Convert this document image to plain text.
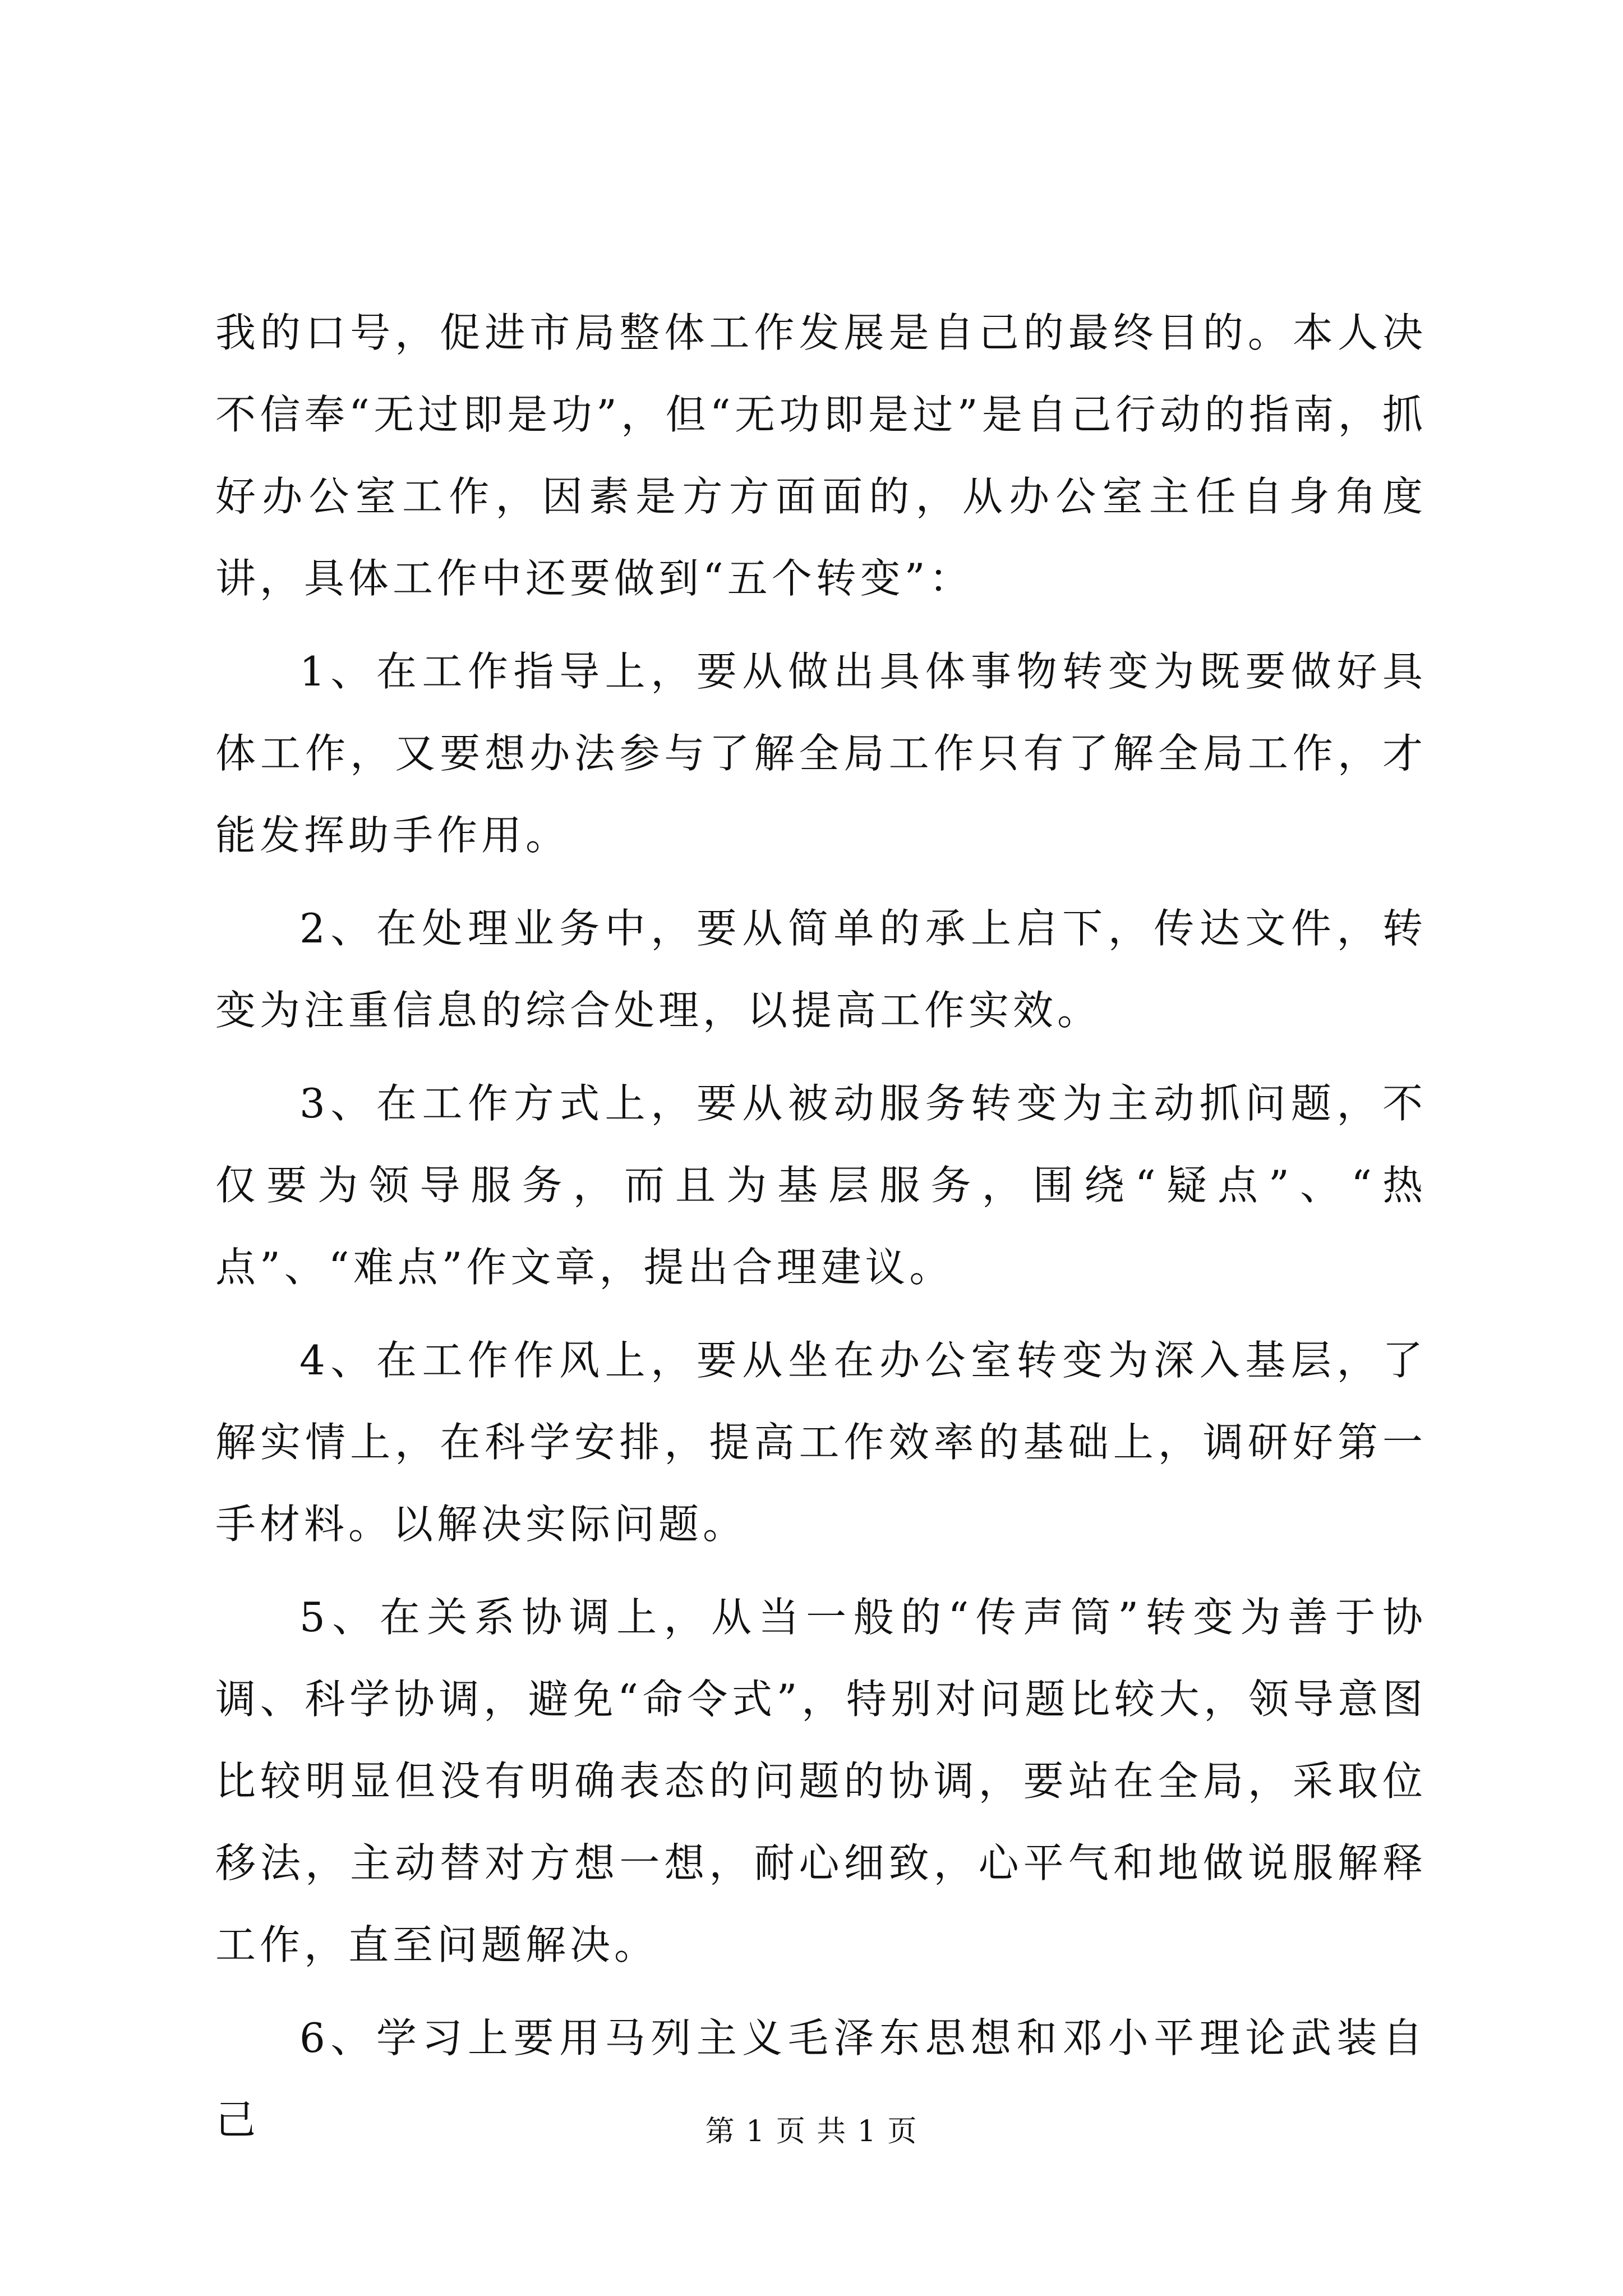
我的口号，促进市局整体工作发展是自己的最终目的。本人决不信奉“无过即是功”，但“无功即是过”是自己行动的指南，抓好办公室工作，因素是方方面面的，从办公室主任自身角度讲，具体工作中还要做到“五个转变”：

1、在工作指导上，要从做出具体事物转变为既要做好具体工作，又要想办法参与了解全局工作只有了解全局工作，才能发挥助手作用。

2、在处理业务中，要从简单的承上启下，传达文件，转变为注重信息的综合处理，以提高工作实效。

3、在工作方式上，要从被动服务转变为主动抓问题，不仅要为领导服务，而且为基层服务，围绕“疑点”、“热点”、“难点”作文章，提出合理建议。

4、在工作作风上，要从坐在办公室转变为深入基层，了解实情上，在科学安排，提高工作效率的基础上，调研好第一手材料。以解决实际问题。

5、在关系协调上，从当一般的“传声筒”转变为善于协调、科学协调，避免“命令式”，特别对问题比较大，领导意图比较明显但没有明确表态的问题的协调，要站在全局，采取位移法，主动替对方想一想，耐心细致，心平气和地做说服解释工作，直至问题解决。

6、学习上要用马列主义毛泽东思想和邓小平理论武装自己	第 1 页 共 1 页
